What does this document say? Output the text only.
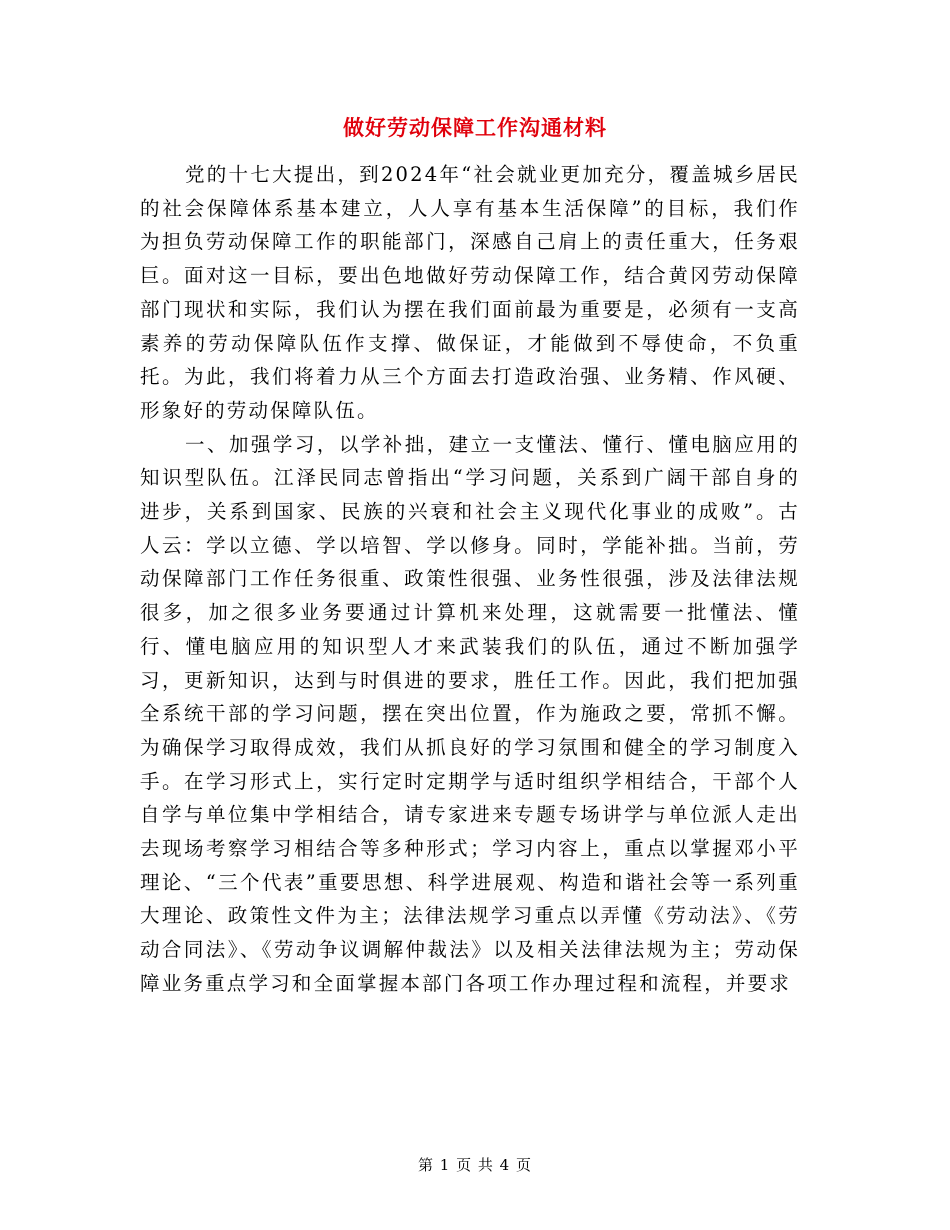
做好劳动保障工作沟通材料

党的十七大提出，到2024年“社会就业更加充分，覆盖城乡居民的社会保障体系基本建立，人人享有基本生活保障”的目标，我们作为担负劳动保障工作的职能部门，深感自己肩上的责任重大，任务艰巨。面对这一目标，要出色地做好劳动保障工作，结合黄冈劳动保障部门现状和实际，我们认为摆在我们面前最为重要是，必须有一支高素养的劳动保障队伍作支撑、做保证，才能做到不辱使命，不负重托。为此，我们将着力从三个方面去打造政治强、业务精、作风硬、形象好的劳动保障队伍。

一、加强学习，以学补拙，建立一支懂法、懂行、懂电脑应用的知识型队伍。江泽民同志曾指出“学习问题，关系到广阔干部自身的进步，关系到国家、民族的兴衰和社会主义现代化事业的成败”。古人云：学以立德、学以培智、学以修身。同时，学能补拙。当前，劳动保障部门工作任务很重、政策性很强、业务性很强，涉及法律法规很多，加之很多业务要通过计算机来处理，这就需要一批懂法、懂行、懂电脑应用的知识型人才来武装我们的队伍，通过不断加强学习，更新知识，达到与时俱进的要求，胜任工作。因此，我们把加强全系统干部的学习问题，摆在突出位置，作为施政之要，常抓不懈。为确保学习取得成效，我们从抓良好的学习氛围和健全的学习制度入手。在学习形式上，实行定时定期学与适时组织学相结合，干部个人自学与单位集中学相结合，请专家进来专题专场讲学与单位派人走出去现场考察学习相结合等多种形式；学习内容上，重点以掌握邓小平理论、“三个代表”重要思想、科学进展观、构造和谐社会等一系列重大理论、政策性文件为主；法律法规学习重点以弄懂《劳动法》、《劳动合同法》、《劳动争议调解仲裁法》以及相关法律法规为主；劳动保障业务重点学习和全面掌握本部门各项工作办理过程和流程，并要求

第 1 页 共 4 页
